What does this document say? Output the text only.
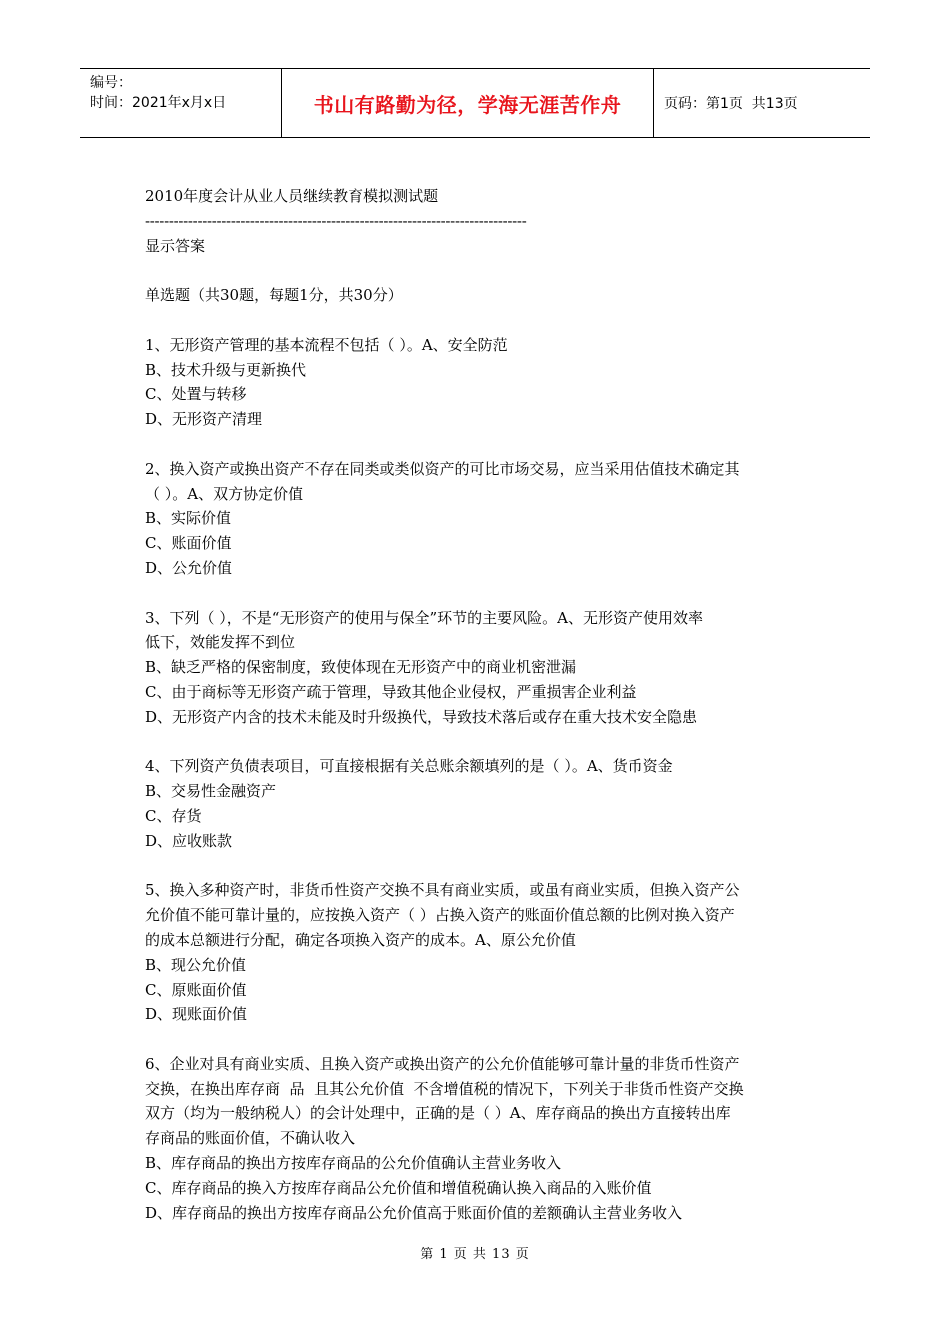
编号：
时间：2021年x月x日	书山有路勤为径，学海无涯苦作舟	页码：第1页  共13页
2010年度会计从业人员继续教育模拟测试题
--------------------------------------------------------------------------------
显示答案
单选题（共30题，每题1分，共30分）
1、无形资产管理的基本流程不包括（ ）。A、安全防范
B、技术升级与更新换代
C、处置与转移
D、无形资产清理
2、换入资产或换出资产不存在同类或类似资产的可比市场交易，应当采用估值技术确定其
（ ）。A、双方协定价值
B、实际价值
C、账面价值
D、公允价值
3、下列（ ），不是“无形资产的使用与保全”环节的主要风险。A、无形资产使用效率
低下，效能发挥不到位
B、缺乏严格的保密制度，致使体现在无形资产中的商业机密泄漏
C、由于商标等无形资产疏于管理，导致其他企业侵权，严重损害企业利益
D、无形资产内含的技术未能及时升级换代，导致技术落后或存在重大技术安全隐患
4、下列资产负债表项目，可直接根据有关总账余额填列的是（ ）。A、货币资金
B、交易性金融资产
C、存货
D、应收账款
5、换入多种资产时，非货币性资产交换不具有商业实质，或虽有商业实质，但换入资产公
允价值不能可靠计量的，应按换入资产（ ）占换入资产的账面价值总额的比例对换入资产
的成本总额进行分配，确定各项换入资产的成本。A、原公允价值
B、现公允价值
C、原账面价值
D、现账面价值
6、企业对具有商业实质、且换入资产或换出资产的公允价值能够可靠计量的非货币性资产
交换，在换出库存商  品  且其公允价值  不含增值税的情况下，下列关于非货币性资产交换
双方（均为一般纳税人）的会计处理中，正确的是（ ）A、库存商品的换出方直接转出库
存商品的账面价值，不确认收入
B、库存商品的换出方按库存商品的公允价值确认主营业务收入
C、库存商品的换入方按库存商品公允价值和增值税确认换入商品的入账价值
D、库存商品的换出方按库存商品公允价值高于账面价值的差额确认主营业务收入
第 1 页 共 13 页
